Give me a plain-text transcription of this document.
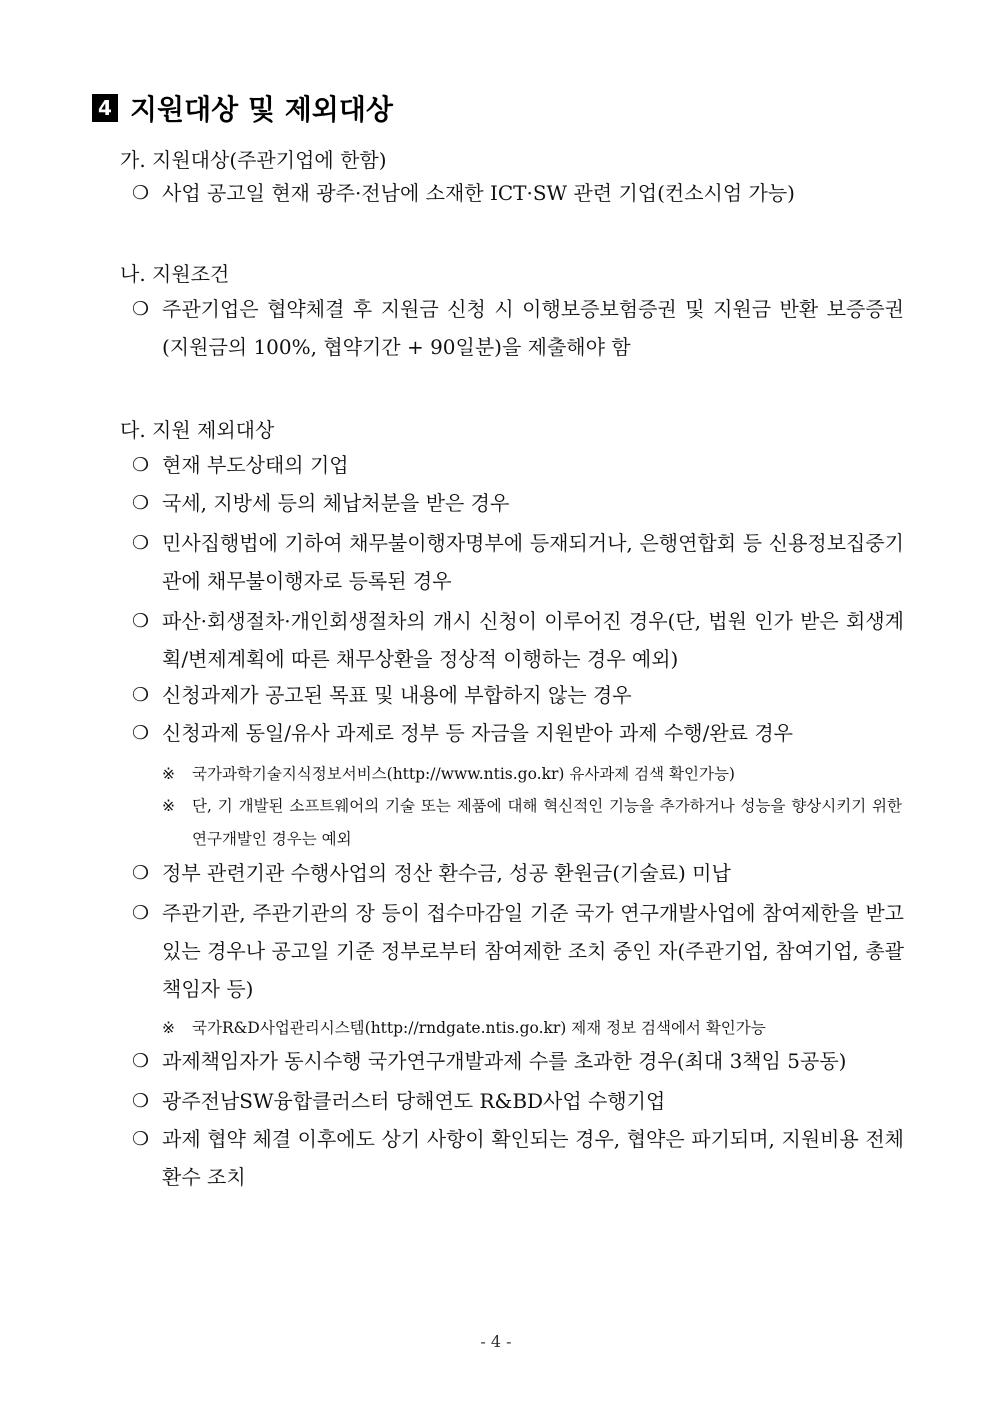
4 지원대상 및 제외대상
가. 지원대상(주관기업에 한함)
❍ 사업 공고일 현재 광주·전남에 소재한 ICT·SW 관련 기업(컨소시엄 가능)
나. 지원조건
❍ 주관기업은 협약체결 후 지원금 신청 시 이행보증보험증권 및 지원금 반환 보증증권(지원금의 100%, 협약기간 + 90일분)을 제출해야 함
다. 지원 제외대상
❍ 현재 부도상태의 기업
❍ 국세, 지방세 등의 체납처분을 받은 경우
❍ 민사집행법에 기하여 채무불이행자명부에 등재되거나, 은행연합회 등 신용정보집중기관에 채무불이행자로 등록된 경우
❍ 파산·회생절차·개인회생절차의 개시 신청이 이루어진 경우(단, 법원 인가 받은 회생계획/변제계획에 따른 채무상환을 정상적 이행하는 경우 예외)
❍ 신청과제가 공고된 목표 및 내용에 부합하지 않는 경우
❍ 신청과제 동일/유사 과제로 정부 등 자금을 지원받아 과제 수행/완료 경우
※	국가과학기술지식정보서비스(http://www.ntis.go.kr) 유사과제 검색 확인가능)
※	단, 기 개발된 소프트웨어의 기술 또는 제품에 대해 혁신적인 기능을 추가하거나 성능을 향상시키기 위한 연구개발인 경우는 예외
❍ 정부 관련기관 수행사업의 정산 환수금, 성공 환원금(기술료) 미납
❍ 주관기관, 주관기관의 장 등이 접수마감일 기준 국가 연구개발사업에 참여제한을 받고 있는 경우나 공고일 기준 정부로부터 참여제한 조치 중인 자(주관기업, 참여기업, 총괄책임자 등)
※	국가R&D사업관리시스템(http://rndgate.ntis.go.kr) 제재 정보 검색에서 확인가능
❍ 과제책임자가 동시수행 국가연구개발과제 수를 초과한 경우(최대 3책임 5공동)
❍ 광주전남SW융합클러스터 당해연도 R&BD사업 수행기업
❍ 과제 협약 체결 이후에도 상기 사항이 확인되는 경우, 협약은 파기되며, 지원비용 전체 환수 조치
- 4 -
